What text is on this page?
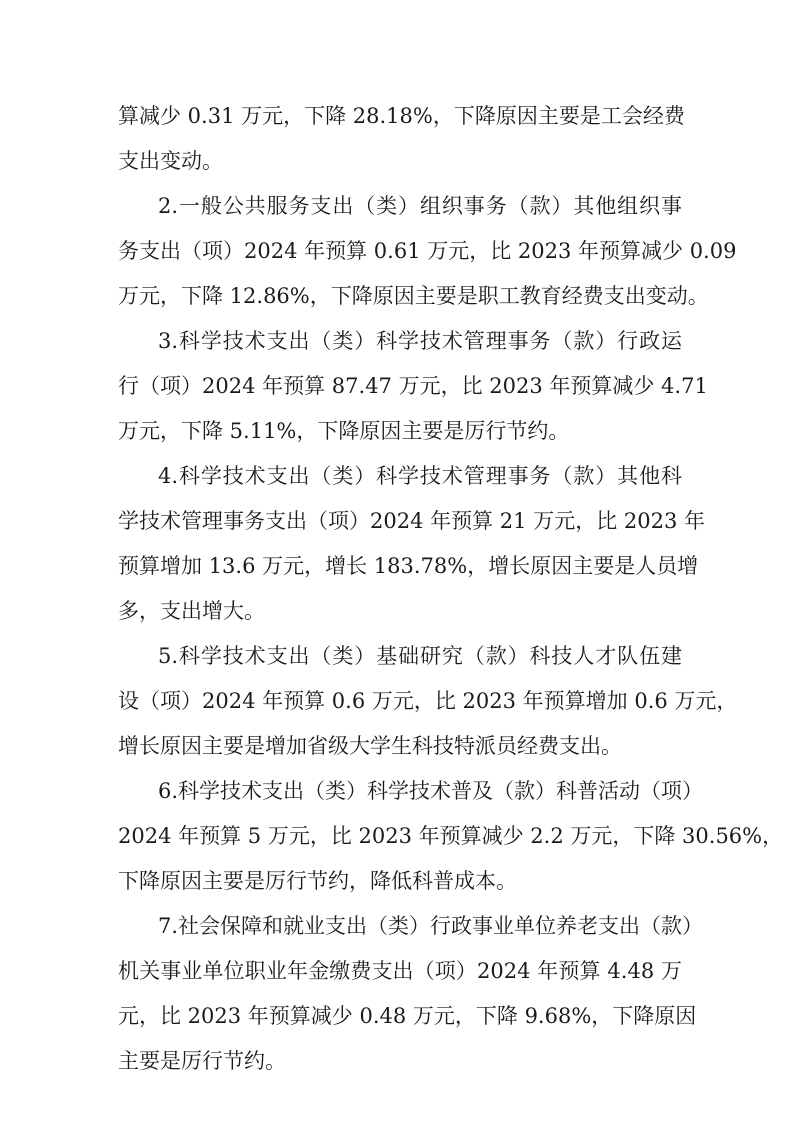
算减少 0.31 万元，下降 28.18%，下降原因主要是工会经费
支出变动。
2.一般公共服务支出（类）组织事务（款）其他组织事
务支出（项）2024 年预算 0.61 万元，比 2023 年预算减少 0.09
万元，下降 12.86%，下降原因主要是职工教育经费支出变动。
3.科学技术支出（类）科学技术管理事务（款）行政运
行（项）2024 年预算 87.47 万元，比 2023 年预算减少 4.71
万元，下降 5.11%，下降原因主要是厉行节约。
4.科学技术支出（类）科学技术管理事务（款）其他科
学技术管理事务支出（项）2024 年预算 21 万元，比 2023 年
预算增加 13.6 万元，增长 183.78%，增长原因主要是人员增
多，支出增大。
5.科学技术支出（类）基础研究（款）科技人才队伍建
设（项）2024 年预算 0.6 万元，比 2023 年预算增加 0.6 万元，
增长原因主要是增加省级大学生科技特派员经费支出。
6.科学技术支出（类）科学技术普及（款）科普活动（项）
2024 年预算 5 万元，比 2023 年预算减少 2.2 万元，下降 30.56%，
下降原因主要是厉行节约，降低科普成本。
7.社会保障和就业支出（类）行政事业单位养老支出（款）
机关事业单位职业年金缴费支出（项）2024 年预算 4.48 万
元，比 2023 年预算减少 0.48 万元，下降 9.68%，下降原因
主要是厉行节约。
